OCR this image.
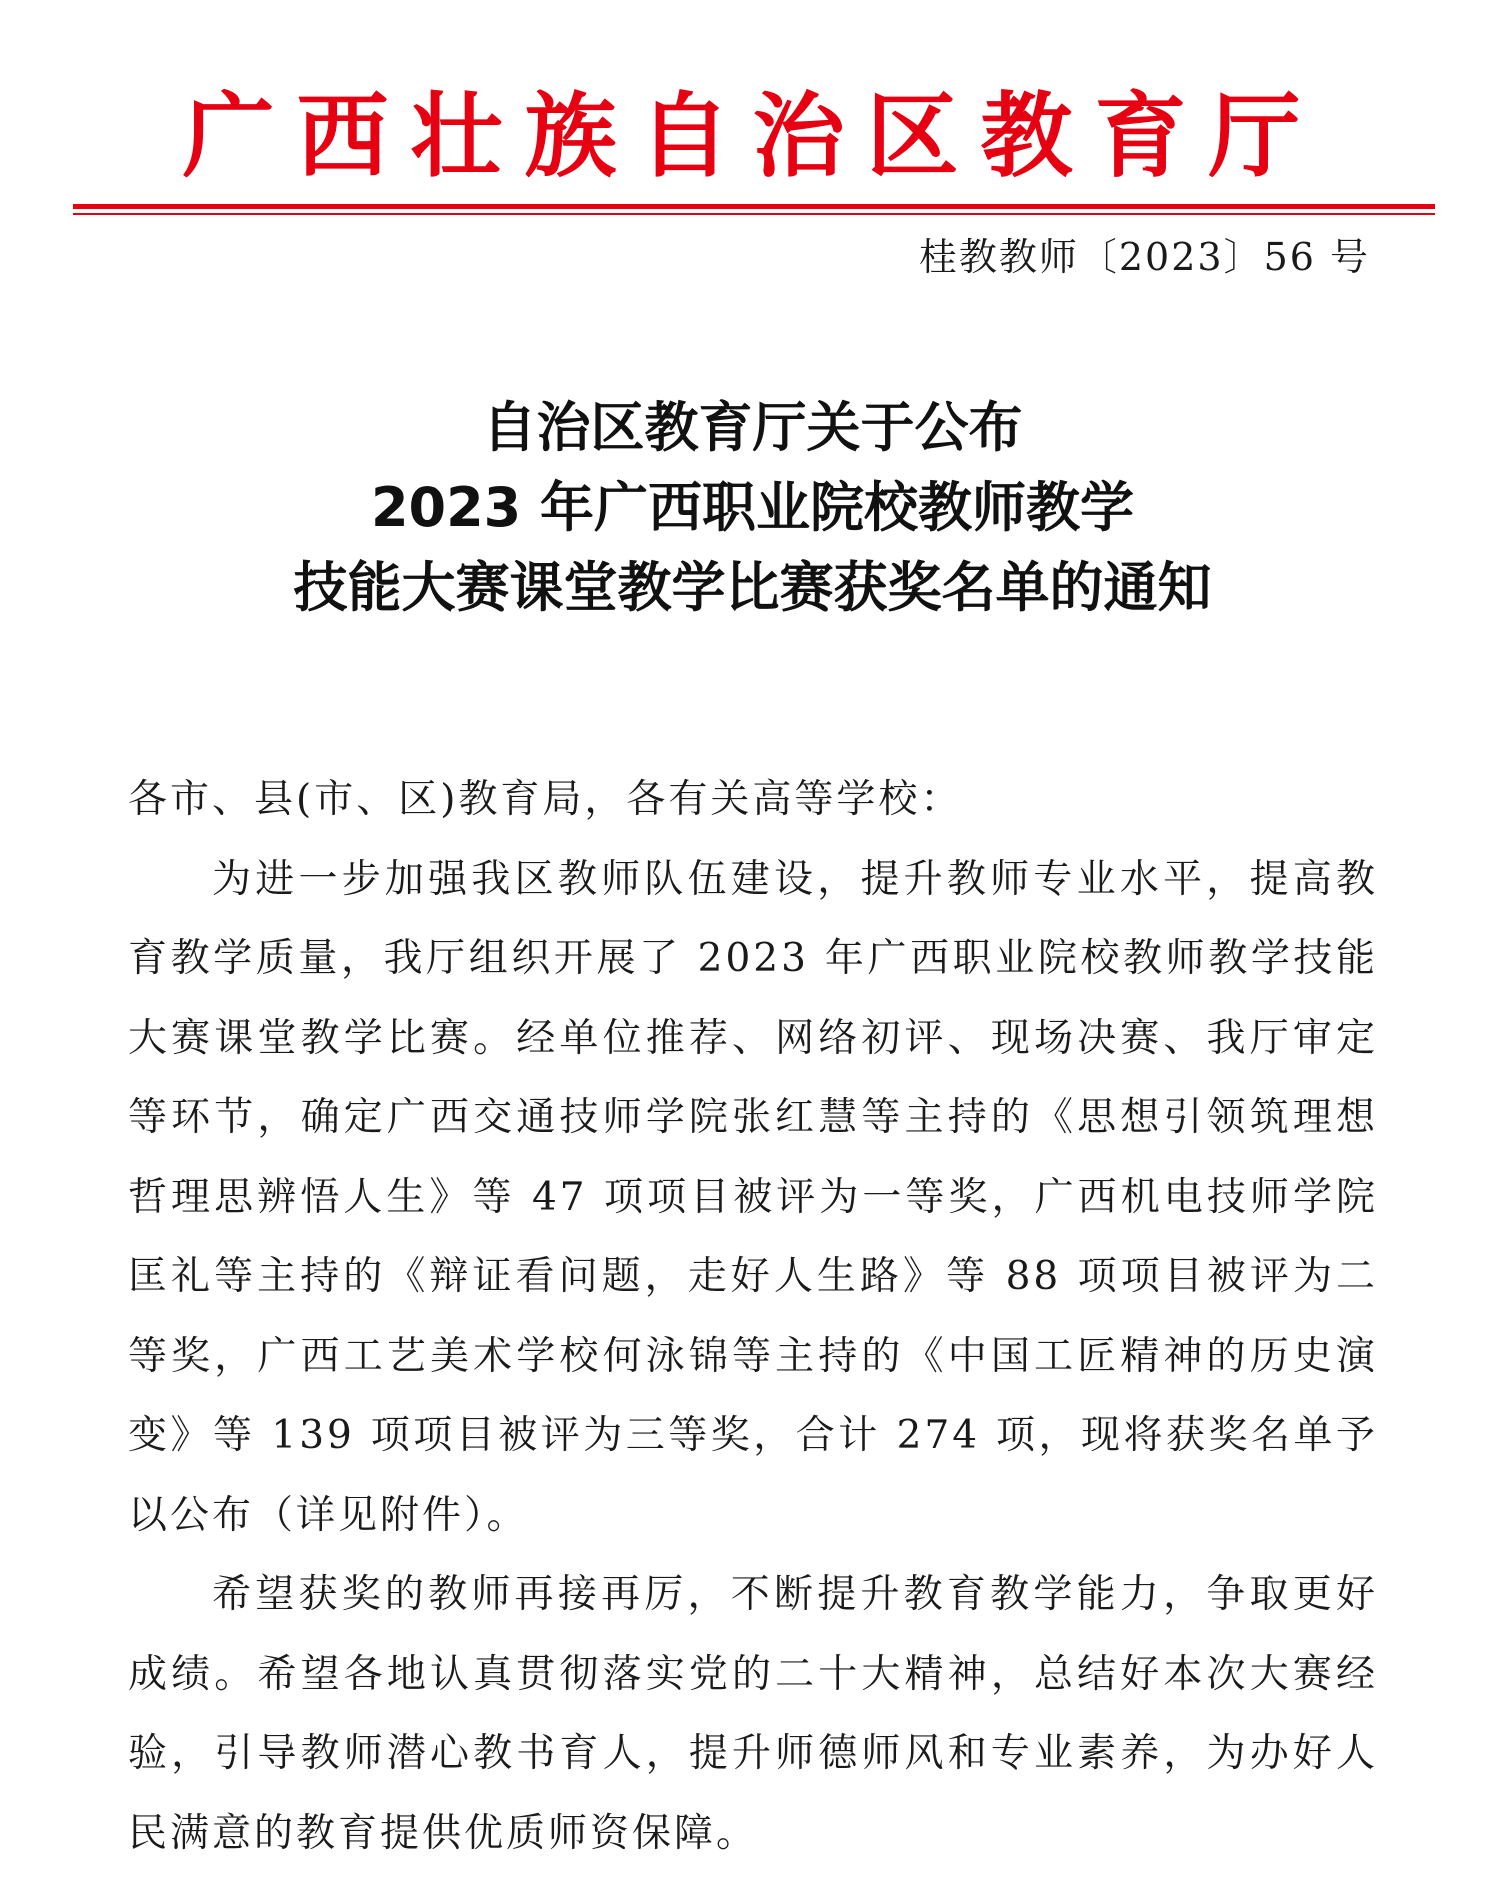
广西壮族自治区教育厅
桂教教师〔2023〕56 号
自治区教育厅关于公布
2023 年广西职业院校教师教学
技能大赛课堂教学比赛获奖名单的通知

各市、县(市、区)教育局，各有关高等学校：

为进一步加强我区教师队伍建设，提升教师专业水平，提高教育教学质量，我厅组织开展了 2023 年广西职业院校教师教学技能大赛课堂教学比赛。经单位推荐、网络初评、现场决赛、我厅审定等环节，确定广西交通技师学院张红慧等主持的《思想引领筑理想 哲理思辨悟人生》等 47 项项目被评为一等奖，广西机电技师学院匡礼等主持的《辩证看问题，走好人生路》等 88 项项目被评为二等奖，广西工艺美术学校何泳锦等主持的《中国工匠精神的历史演变》等 139 项项目被评为三等奖，合计 274 项，现将获奖名单予以公布（详见附件）。

希望获奖的教师再接再厉，不断提升教育教学能力，争取更好成绩。希望各地认真贯彻落实党的二十大精神，总结好本次大赛经验，引导教师潜心教书育人，提升师德师风和专业素养，为办好人民满意的教育提供优质师资保障。
